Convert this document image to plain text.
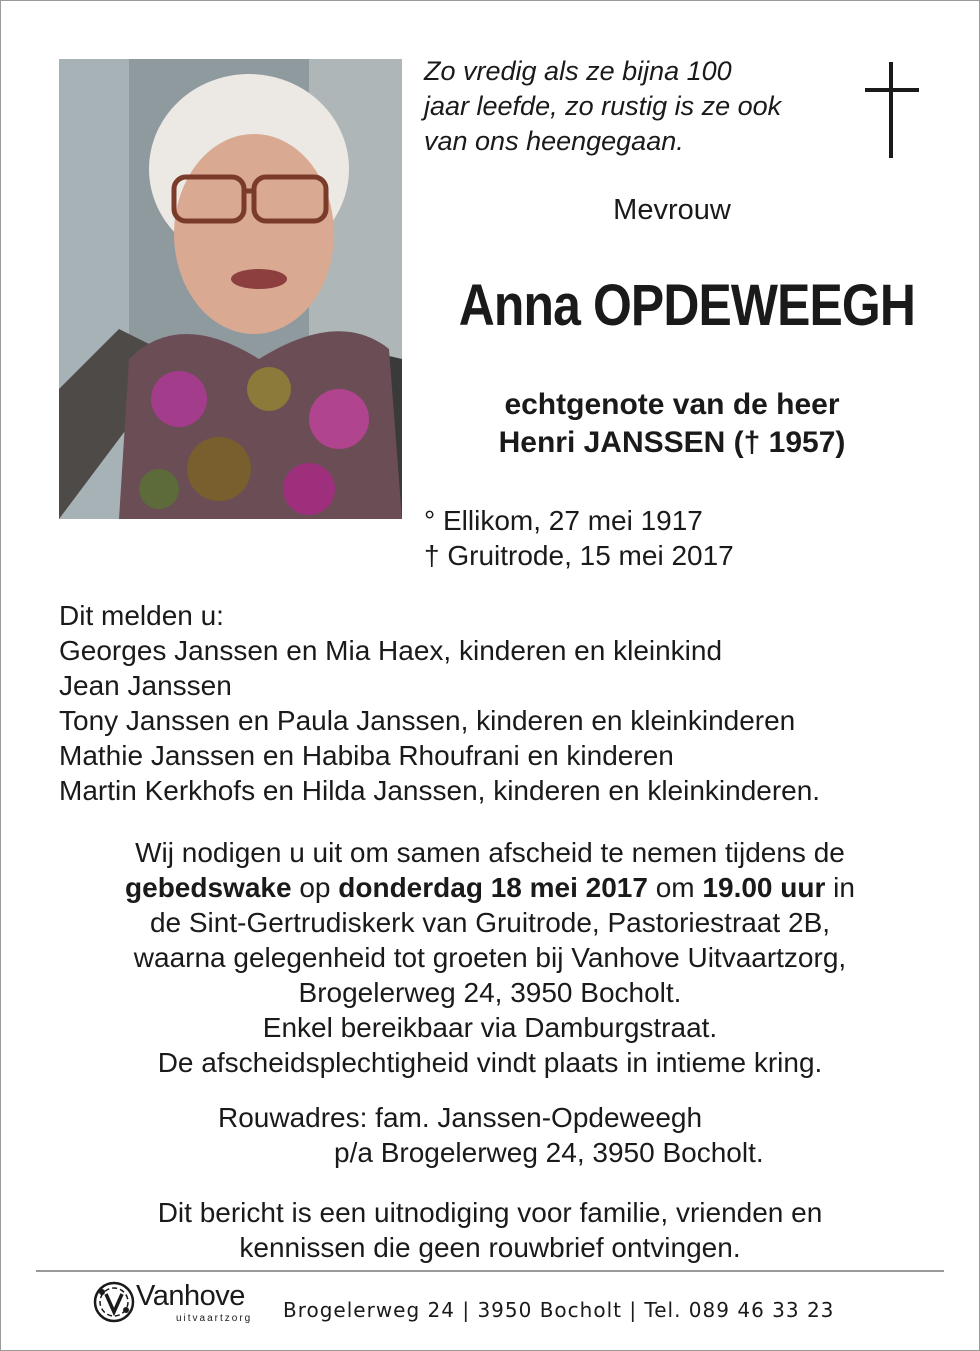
Zo vredig als ze bijna 100
jaar leefde, zo rustig is ze ook
van ons heengegaan.
Mevrouw
Anna OPDEWEEGH
echtgenote van de heer
Henri JANSSEN († 1957)
° Ellikom, 27 mei 1917
† Gruitrode, 15 mei 2017
Dit melden u:
Georges Janssen en Mia Haex, kinderen en kleinkind
Jean Janssen
Tony Janssen en Paula Janssen, kinderen en kleinkinderen
Mathie Janssen en Habiba Rhoufrani en kinderen
Martin Kerkhofs en Hilda Janssen, kinderen en kleinkinderen.
Wij nodigen u uit om samen afscheid te nemen tijdens de
gebedswake op donderdag 18 mei 2017 om 19.00 uur in
de Sint-Gertrudiskerk van Gruitrode, Pastoriestraat 2B,
waarna gelegenheid tot groeten bij Vanhove Uitvaartzorg,
Brogelerweg 24, 3950 Bocholt.
Enkel bereikbaar via Damburgstraat.
De afscheidsplechtigheid vindt plaats in intieme kring.
Rouwadres: fam. Janssen-Opdeweegh
p/a Brogelerweg 24, 3950 Bocholt.
Dit bericht is een uitnodiging voor familie, vrienden en
kennissen die geen rouwbrief ontvingen.
Vanhove
uitvaartzorg Brogelerweg 24 | 3950 Bocholt | Tel. 089 46 33 23
